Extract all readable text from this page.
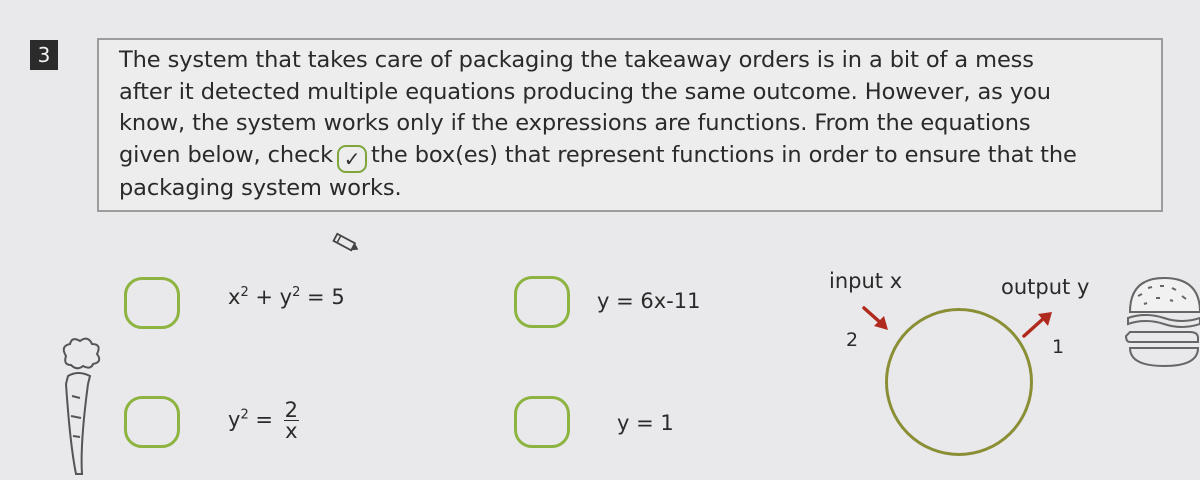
3	The system that takes care of packaging the takeaway orders is in a bit of a mess
after it detected multiple equations producing the same outcome. However, as you
know, the system works only if the expressions are functions. From the equations
given below, check ✓ the box(es) that represent functions in order to ensure that the
packaging system works.
$x^2 + y^2 = 5$	y = 6x-11
$y^2 = \frac{2}{x}$	y = 1
input x	output y
2	1
